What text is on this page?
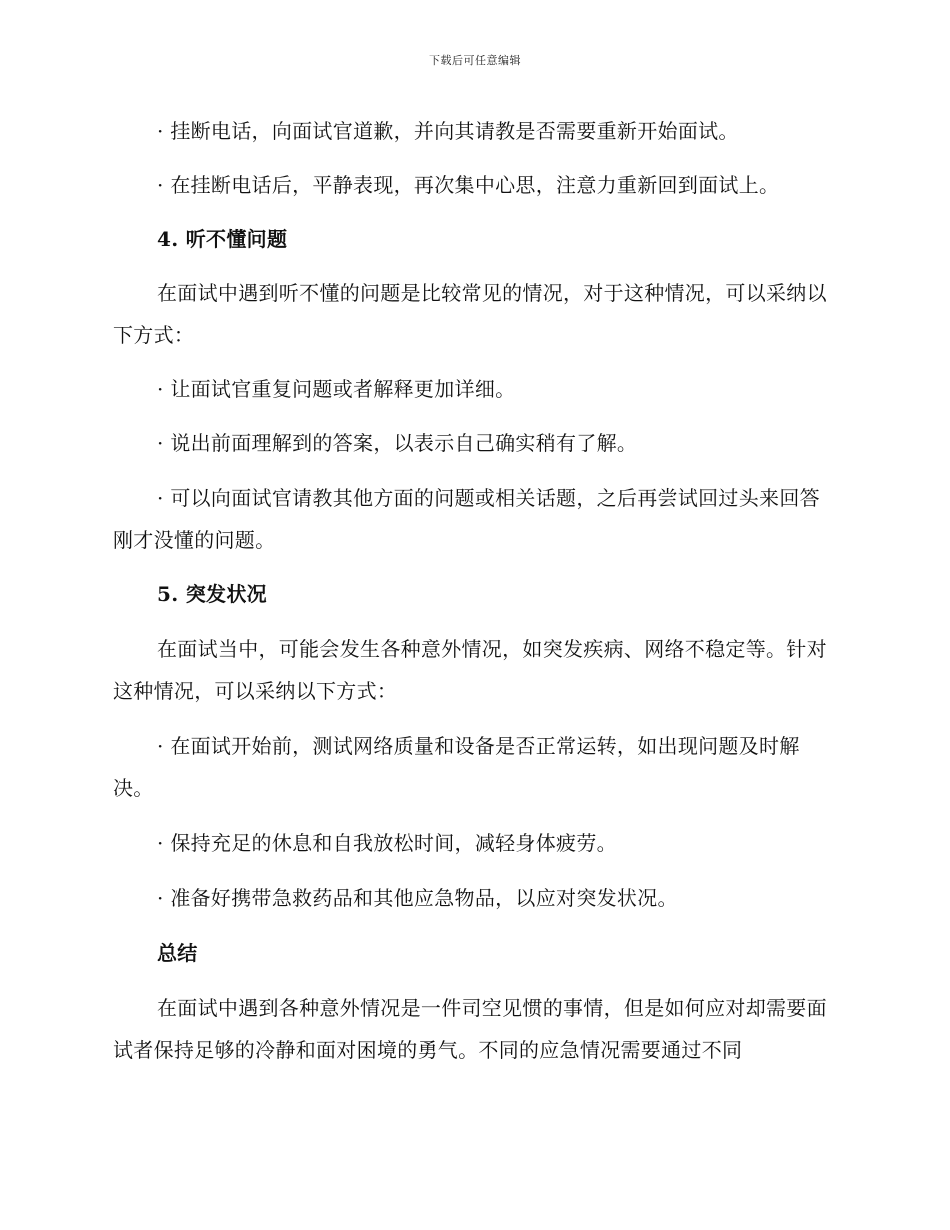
下载后可任意编辑

· 挂断电话，向面试官道歉，并向其请教是否需要重新开始面试。

· 在挂断电话后，平静表现，再次集中心思，注意力重新回到面试上。

4. 听不懂问题

在面试中遇到听不懂的问题是比较常见的情况，对于这种情况，可以采纳以下方式：

· 让面试官重复问题或者解释更加详细。

· 说出前面理解到的答案，以表示自己确实稍有了解。

· 可以向面试官请教其他方面的问题或相关话题，之后再尝试回过头来回答刚才没懂的问题。

5. 突发状况

在面试当中，可能会发生各种意外情况，如突发疾病、网络不稳定等。针对这种情况，可以采纳以下方式：

· 在面试开始前，测试网络质量和设备是否正常运转，如出现问题及时解决。

· 保持充足的休息和自我放松时间，减轻身体疲劳。

· 准备好携带急救药品和其他应急物品，以应对突发状况。

总结

在面试中遇到各种意外情况是一件司空见惯的事情，但是如何应对却需要面试者保持足够的冷静和面对困境的勇气。不同的应急情况需要通过不同
